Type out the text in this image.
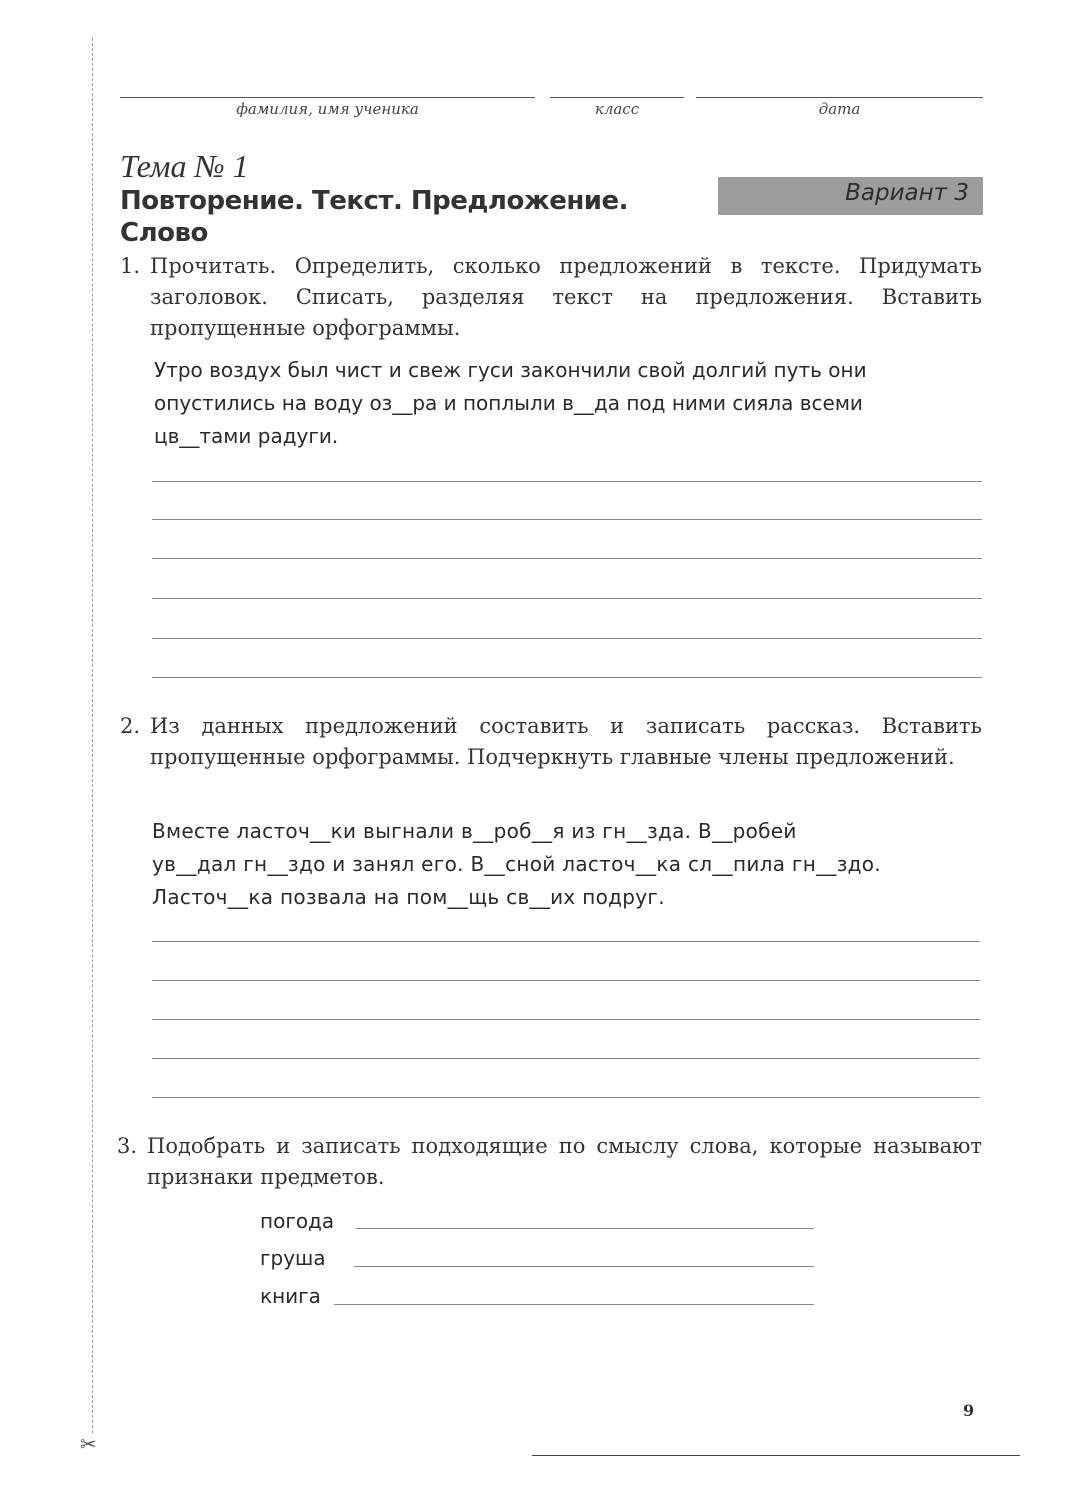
✂
фамилия, имя ученика	класс	дата
Тема № 1
Повторение. Текст. Предложение. Слово
Вариант 3
1. Прочитать. Определить, сколько предложений в тексте. Придумать заголовок. Списать, разделяя текст на предложения. Вставить пропущенные орфограммы.
Утро воздух был чист и свеж гуси закончили свой долгий путь они
опустились на воду оз__ра и поплыли в__да под ними сияла всеми
цв__тами радуги.
2. Из данных предложений составить и записать рассказ. Вставить пропущенные орфограммы. Подчеркнуть главные члены предложений.
Вместе ласточ__ки выгнали в__роб__я из гн__зда. В__робей
ув__дал гн__здо и занял его. В__сной ласточ__ка сл__пила гн__здо.
Ласточ__ка позвала на пом__щь св__их подруг.
3. Подобрать и записать подходящие по смыслу слова, которые называют признаки предметов.
погода
груша
книга
9
